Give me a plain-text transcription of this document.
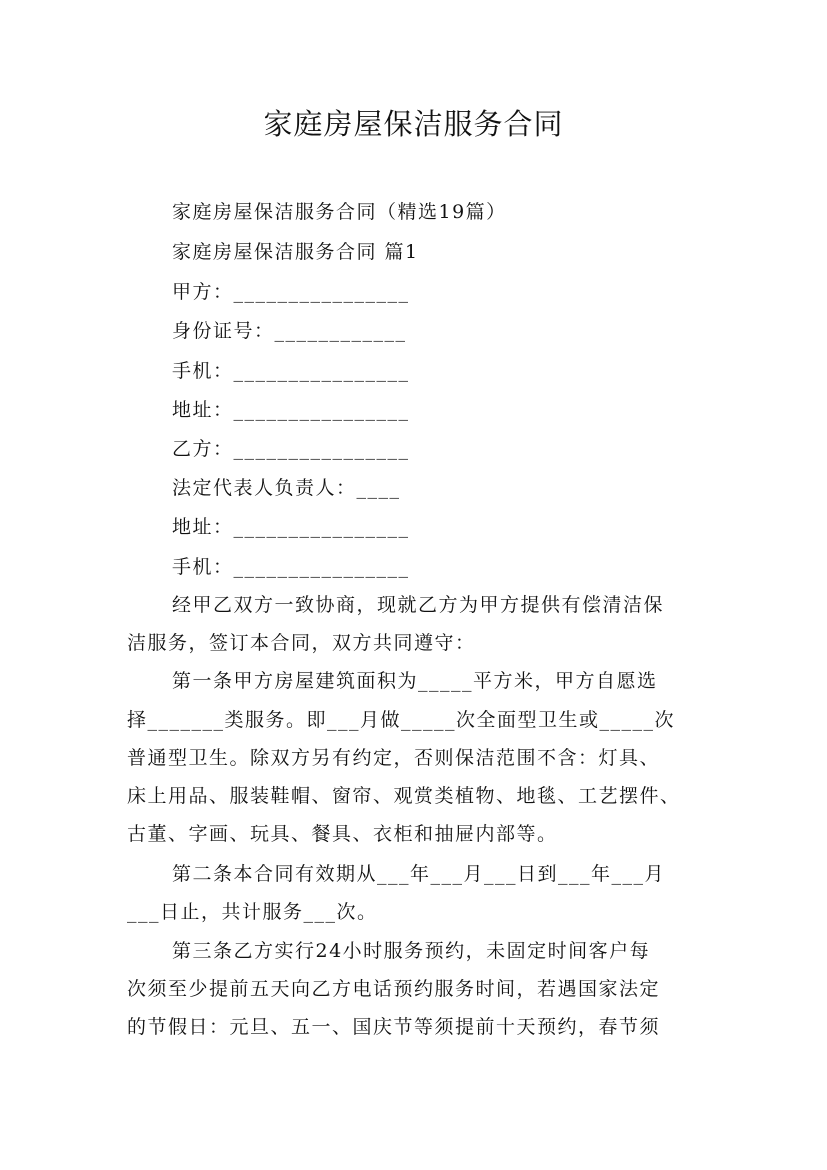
家庭房屋保洁服务合同
家庭房屋保洁服务合同（精选19篇）
家庭房屋保洁服务合同 篇1
甲方：________________
身份证号：____________
手机：________________
地址：________________
乙方：________________
法定代表人负责人：____
地址：________________
手机：________________
经甲乙双方一致协商，现就乙方为甲方提供有偿清洁保
洁服务，签订本合同，双方共同遵守：
第一条甲方房屋建筑面积为_____平方米，甲方自愿选
择_______类服务。即___月做_____次全面型卫生或_____次
普通型卫生。除双方另有约定，否则保洁范围不含：灯具、
床上用品、服装鞋帽、窗帘、观赏类植物、地毯、工艺摆件、
古董、字画、玩具、餐具、衣柜和抽屉内部等。
第二条本合同有效期从___年___月___日到___年___月
___日止，共计服务___次。
第三条乙方实行24小时服务预约，未固定时间客户每
次须至少提前五天向乙方电话预约服务时间，若遇国家法定
的节假日：元旦、五一、国庆节等须提前十天预约，春节须
